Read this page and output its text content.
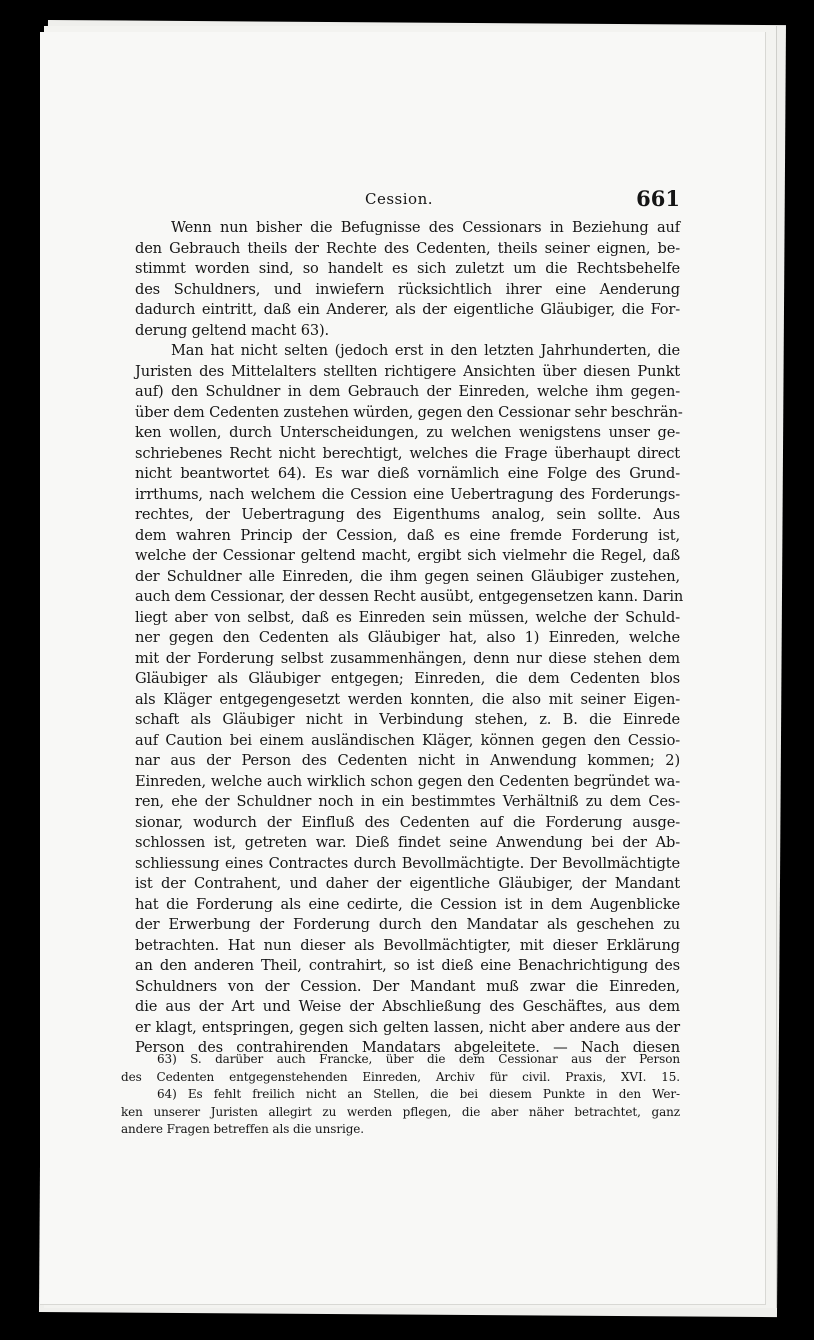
Cession.	661
Wenn nun bisher die Befugnisse des Cessionars in Beziehung auf
den Gebrauch theils der Rechte des Cedenten, theils seiner eignen, be-
stimmt worden sind, so handelt es sich zuletzt um die Rechtsbehelfe
des Schuldners, und inwiefern rücksichtlich ihrer eine Aenderung
dadurch eintritt, daß ein Anderer, als der eigentliche Gläubiger, die For-
derung geltend macht 63).
Man hat nicht selten (jedoch erst in den letzten Jahrhunderten, die
Juristen des Mittelalters stellten richtigere Ansichten über diesen Punkt
auf) den Schuldner in dem Gebrauch der Einreden, welche ihm gegen-
über dem Cedenten zustehen würden, gegen den Cessionar sehr beschrän-
ken wollen, durch Unterscheidungen, zu welchen wenigstens unser ge-
schriebenes Recht nicht berechtigt, welches die Frage überhaupt direct
nicht beantwortet 64). Es war dieß vornämlich eine Folge des Grund-
irrthums, nach welchem die Cession eine Uebertragung des Forderungs-
rechtes, der Uebertragung des Eigenthums analog, sein sollte. Aus
dem wahren Princip der Cession, daß es eine fremde Forderung ist,
welche der Cessionar geltend macht, ergibt sich vielmehr die Regel, daß
der Schuldner alle Einreden, die ihm gegen seinen Gläubiger zustehen,
auch dem Cessionar, der dessen Recht ausübt, entgegensetzen kann. Darin
liegt aber von selbst, daß es Einreden sein müssen, welche der Schuld-
ner gegen den Cedenten als Gläubiger hat, also 1) Einreden, welche
mit der Forderung selbst zusammenhängen, denn nur diese stehen dem
Gläubiger als Gläubiger entgegen; Einreden, die dem Cedenten blos
als Kläger entgegengesetzt werden konnten, die also mit seiner Eigen-
schaft als Gläubiger nicht in Verbindung stehen, z. B. die Einrede
auf Caution bei einem ausländischen Kläger, können gegen den Cessio-
nar aus der Person des Cedenten nicht in Anwendung kommen; 2)
Einreden, welche auch wirklich schon gegen den Cedenten begründet wa-
ren, ehe der Schuldner noch in ein bestimmtes Verhältniß zu dem Ces-
sionar, wodurch der Einfluß des Cedenten auf die Forderung ausge-
schlossen ist, getreten war. Dieß findet seine Anwendung bei der Ab-
schliessung eines Contractes durch Bevollmächtigte. Der Bevollmächtigte
ist der Contrahent, und daher der eigentliche Gläubiger, der Mandant
hat die Forderung als eine cedirte, die Cession ist in dem Augenblicke
der Erwerbung der Forderung durch den Mandatar als geschehen zu
betrachten. Hat nun dieser als Bevollmächtigter, mit dieser Erklärung
an den anderen Theil, contrahirt, so ist dieß eine Benachrichtigung des
Schuldners von der Cession. Der Mandant muß zwar die Einreden,
die aus der Art und Weise der Abschließung des Geschäftes, aus dem
er klagt, entspringen, gegen sich gelten lassen, nicht aber andere aus der
Person des contrahirenden Mandatars abgeleitete. — Nach diesen
63) S. darüber auch Francke, über die dem Cessionar aus der Person
des Cedenten entgegenstehenden Einreden, Archiv für civil. Praxis, XVI. 15.
64) Es fehlt freilich nicht an Stellen, die bei diesem Punkte in den Wer-
ken unserer Juristen allegirt zu werden pflegen, die aber näher betrachtet, ganz
andere Fragen betreffen als die unsrige.
